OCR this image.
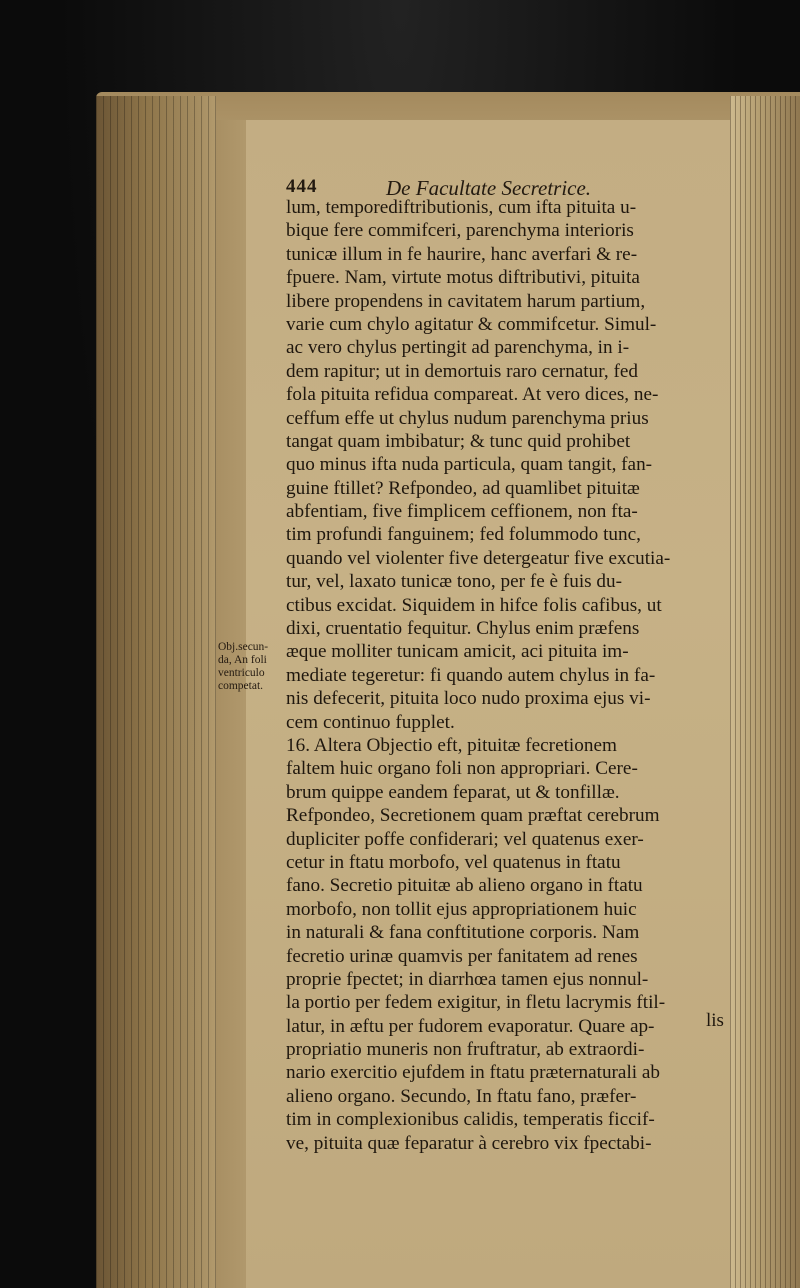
444	De Facultate Secretrice.
Obj.secun-
da, An foli
ventriculo
competat.
lum, temporediftributionis, cum ifta pituita u-
bique fere commifceri, parenchyma interioris
tunicæ illum in fe haurire, hanc averfari & re-
fpuere. Nam, virtute motus diftributivi, pituita
libere propendens in cavitatem harum partium,
varie cum chylo agitatur & commifcetur. Simul-
ac vero chylus pertingit ad parenchyma, in i-
dem rapitur; ut in demortuis raro cernatur, fed
fola pituita refidua compareat. At vero dices, ne-
ceffum effe ut chylus nudum parenchyma prius
tangat quam imbibatur; & tunc quid prohibet
quo minus ifta nuda particula, quam tangit, fan-
guine ftillet? Refpondeo, ad quamlibet pituitæ
abfentiam, five fimplicem ceffionem, non fta-
tim profundi fanguinem; fed folummodo tunc,
quando vel violenter five detergeatur five excutia-
tur, vel, laxato tunicæ tono, per fe è fuis du-
ctibus excidat. Siquidem in hifce folis cafibus, ut
dixi, cruentatio fequitur. Chylus enim præfens
æque molliter tunicam amicit, aci pituita im-
mediate tegeretur: fi quando autem chylus in fa-
nis defecerit, pituita loco nudo proxima ejus vi-
cem continuo fupplet.
16. Altera Objectio eft, pituitæ fecretionem
faltem huic organo foli non appropriari. Cere-
brum quippe eandem feparat, ut & tonfillæ.
Refpondeo, Secretionem quam præftat cerebrum
dupliciter poffe confiderari; vel quatenus exer-
cetur in ftatu morbofo, vel quatenus in ftatu
fano. Secretio pituitæ ab alieno organo in ftatu
morbofo, non tollit ejus appropriationem huic
in naturali & fana conftitutione corporis. Nam
fecretio urinæ quamvis per fanitatem ad renes
proprie fpectet; in diarrhœa tamen ejus nonnul-
la portio per fedem exigitur, in fletu lacrymis ftil-
latur, in æftu per fudorem evaporatur. Quare ap-
propriatio muneris non fruftratur, ab extraordi-
nario exercitio ejufdem in ftatu præternaturali ab
alieno organo. Secundo, In ftatu fano, præfer-
tim in complexionibus calidis, temperatis ficcif-
ve, pituita quæ feparatur à cerebro vix fpectabi-
lis
